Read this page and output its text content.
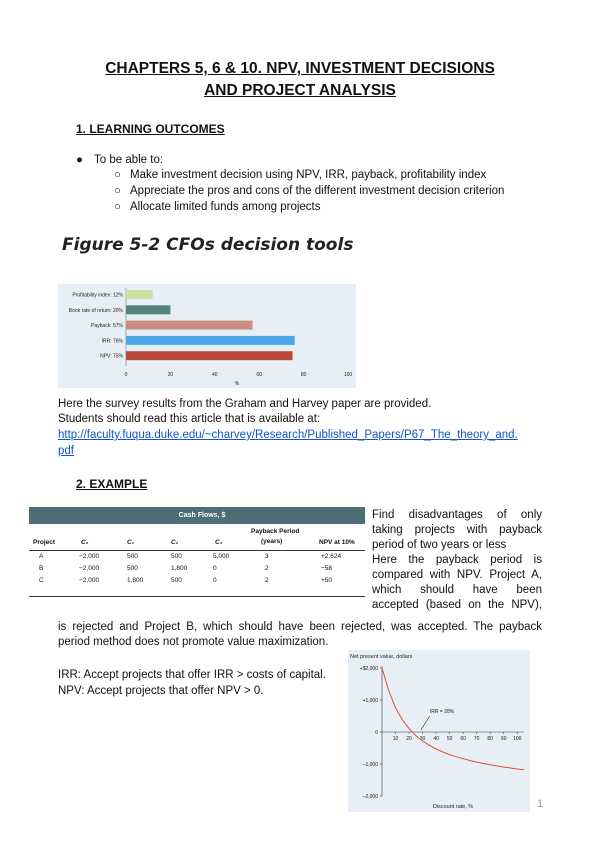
CHAPTERS 5, 6 & 10. NPV, INVESTMENT DECISIONS
AND PROJECT ANALYSIS
1. LEARNING OUTCOMES
● To be able to:
○ Make investment decision using NPV, IRR, payback, profitability index
○ Appreciate the pros and cons of the different investment decision criterion
○ Allocate limited funds among projects
Figure 5-2 CFOs decision tools
Profitability index: 12%
Book rate of return: 20%
Payback: 57%
IRR: 76%
NPV: 75%
0	20	40	60	80	100
%
Here the survey results from the Graham and Harvey paper are provided.
Students should read this article that is available at:
http://faculty.fuqua.duke.edu/~charvey/Research/Published_Papers/P67_The_theory_and.
pdf
2. EXAMPLE
Cash Flows, $
Project	C₀	C₁	C₂	C₃
Payback Period
(years)	NPV at 10%
A	−2,000	500	500	5,000	3	+2,624
B	−2,000	500	1,800	0	2	−58
C	−2,000	1,800	500	0	2	+50
Find disadvantages of only
taking projects with payback
period of two years or less
Here the payback period is
compared with NPV. Project A,
which should have been
accepted (based on the NPV),
is rejected and Project B, which should have been rejected, was accepted. The payback
period method does not promote value maximization.
IRR: Accept projects that offer IRR > costs of capital.
NPV: Accept projects that offer NPV > 0.
Net present value, dollars
+$2,000
+1,000
0
–1,000
–2,000
10 20 30 40 50 60 70 80 90 100
IRR = 28%
Discount rate, %	1
